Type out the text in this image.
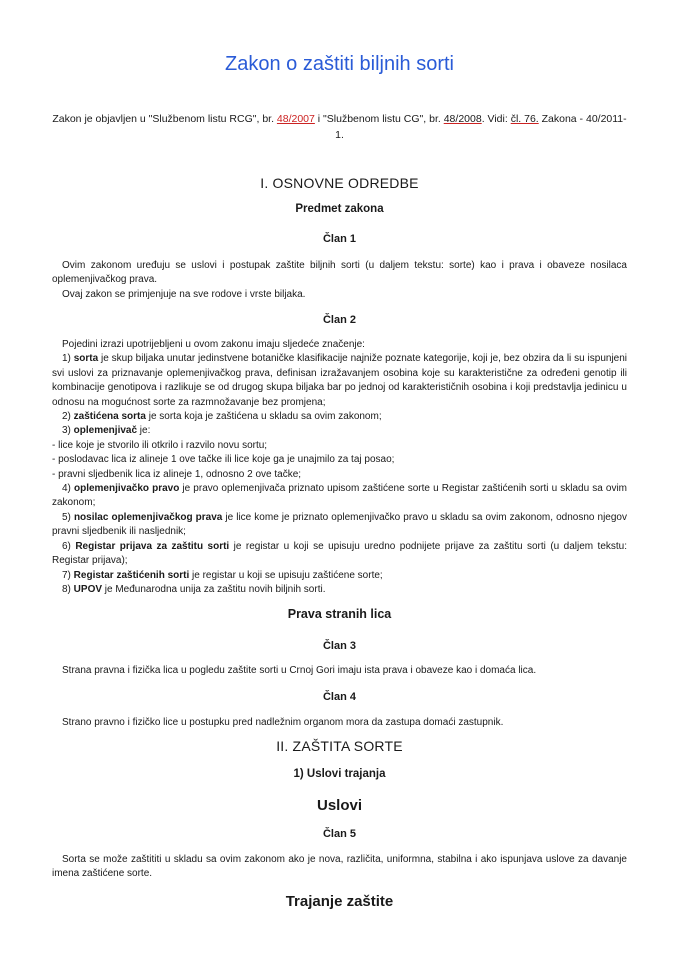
Zakon o zaštiti biljnih sorti
Zakon je objavljen u "Službenom listu RCG", br. 48/2007 i "Službenom listu CG", br. 48/2008. Vidi: čl. 76. Zakona - 40/2011-1.
I. OSNOVNE ODREDBE
Predmet zakona
Član 1

Ovim zakonom uređuju se uslovi i postupak zaštite biljnih sorti (u daljem tekstu: sorte) kao i prava i obaveze nosilaca oplemenjivačkog prava.

Ovaj zakon se primjenjuje na sve rodove i vrste biljaka.

Član 2

Pojedini izrazi upotrijebljeni u ovom zakonu imaju sljedeće značenje:

1) sorta je skup biljaka unutar jedinstvene botaničke klasifikacije najniže poznate kategorije, koji je, bez obzira da li su ispunjeni svi uslovi za priznavanje oplemenjivačkog prava, definisan izražavanjem osobina koje su karakteristične za određeni genotip ili kombinacije genotipova i razlikuje se od drugog skupa biljaka bar po jednoj od karakterističnih osobina i koji predstavlja jedinicu u odnosu na mogućnost sorte za razmnožavanje bez promjena;

2) zaštićena sorta je sorta koja je zaštićena u skladu sa ovim zakonom;

3) oplemenjivač je:

- lice koje je stvorilo ili otkrilo i razvilo novu sortu;

- poslodavac lica iz alineje 1 ove tačke ili lice koje ga je unajmilo za taj posao;

- pravni sljedbenik lica iz alineje 1, odnosno 2 ove tačke;

4) oplemenjivačko pravo je pravo oplemenjivača priznato upisom zaštićene sorte u Registar zaštićenih sorti u skladu sa ovim zakonom;

5) nosilac oplemenjivačkog prava je lice kome je priznato oplemenjivačko pravo u skladu sa ovim zakonom, odnosno njegov pravni sljedbenik ili nasljednik;

6) Registar prijava za zaštitu sorti je registar u koji se upisuju uredno podnijete prijave za zaštitu sorti (u daljem tekstu: Registar prijava);

7) Registar zaštićenih sorti je registar u koji se upisuju zaštićene sorte;

8) UPOV je Međunarodna unija za zaštitu novih biljnih sorti.

Prava stranih lica
Član 3

Strana pravna i fizička lica u pogledu zaštite sorti u Crnoj Gori imaju ista prava i obaveze kao i domaća lica.

Član 4

Strano pravno i fizičko lice u postupku pred nadležnim organom mora da zastupa domaći zastupnik.

II. ZAŠTITA SORTE
1) Uslovi trajanja
Uslovi
Član 5

Sorta se može zaštititi u skladu sa ovim zakonom ako je nova, različita, uniformna, stabilna i ako ispunjava uslove za davanje imena zaštićene sorte.

Trajanje zaštite
